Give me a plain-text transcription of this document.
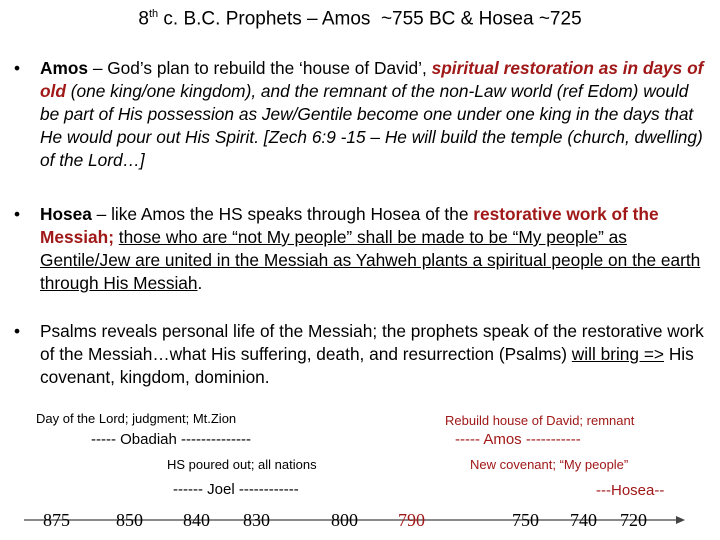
8th c. B.C. Prophets – Amos  ~755 BC & Hosea ~725
• Amos – God’s plan to rebuild the ‘house of David’, spiritual restoration as in days of old (one king/one kingdom), and the remnant of the non-Law world (ref Edom) would be part of His possession as Jew/Gentile become one under one king in the days that He would pour out His Spirit. [Zech 6:9 -15 – He will build the temple (church, dwelling) of the Lord…]
• Hosea – like Amos the HS speaks through Hosea of the restorative work of the Messiah; those who are “not My people” shall be made to be “My people” as Gentile/Jew are united in the Messiah as Yahweh plants a spiritual people on the earth through His Messiah.
• Psalms reveals personal life of the Messiah; the prophets speak of the restorative work of the Messiah…what His suffering, death, and resurrection (Psalms) will bring => His covenant, kingdom, dominion.
Day of the Lord; judgment; Mt.Zion
----- Obadiah --------------
HS poured out; all nations
------ Joel ------------
Rebuild house of David; remnant
----- Amos -----------
New covenant; “My people”
---Hosea--
875	850 840 830	800 790	750 740 720
